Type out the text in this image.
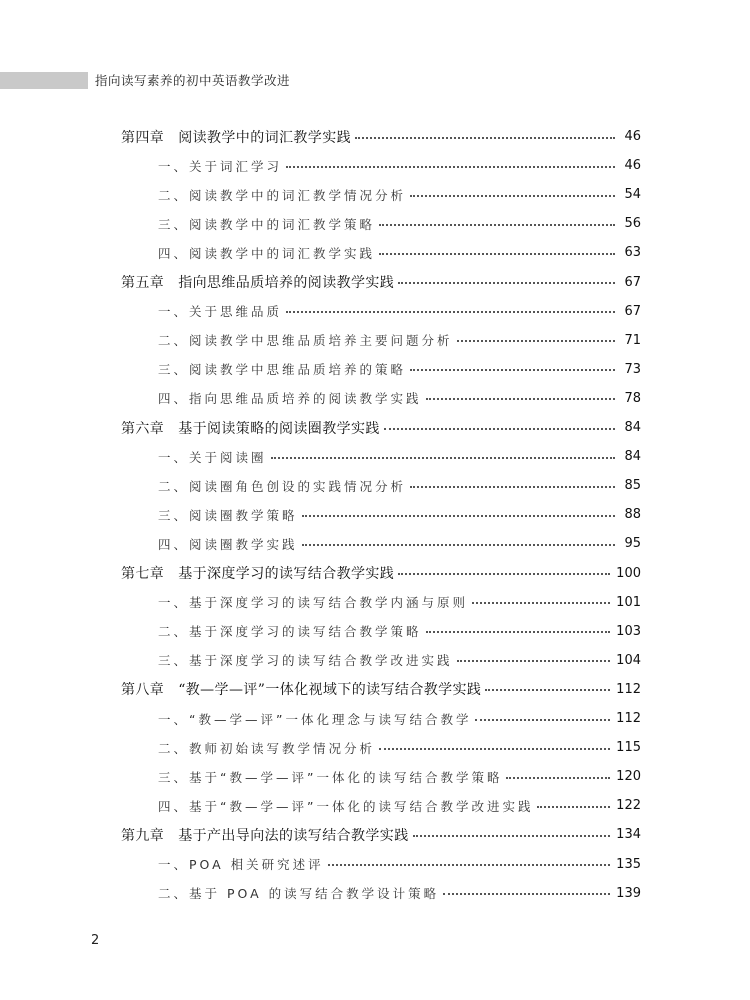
指向读写素养的初中英语教学改进
第四章 阅读教学中的词汇教学实践	46
一、关于词汇学习	46
二、阅读教学中的词汇教学情况分析	54
三、阅读教学中的词汇教学策略	56
四、阅读教学中的词汇教学实践	63
第五章 指向思维品质培养的阅读教学实践	67
一、关于思维品质	67
二、阅读教学中思维品质培养主要问题分析	71
三、阅读教学中思维品质培养的策略	73
四、指向思维品质培养的阅读教学实践	78
第六章 基于阅读策略的阅读圈教学实践	84
一、关于阅读圈	84
二、阅读圈角色创设的实践情况分析	85
三、阅读圈教学策略	88
四、阅读圈教学实践	95
第七章 基于深度学习的读写结合教学实践	100
一、基于深度学习的读写结合教学内涵与原则	101
二、基于深度学习的读写结合教学策略	103
三、基于深度学习的读写结合教学改进实践	104
第八章 “教—学—评”一体化视域下的读写结合教学实践	112
一、“教—学—评”一体化理念与读写结合教学	112
二、教师初始读写教学情况分析	115
三、基于“教—学—评”一体化的读写结合教学策略	120
四、基于“教—学—评”一体化的读写结合教学改进实践	122
第九章 基于产出导向法的读写结合教学实践	134
一、POA 相关研究述评	135
二、基于 POA 的读写结合教学设计策略	139
2
